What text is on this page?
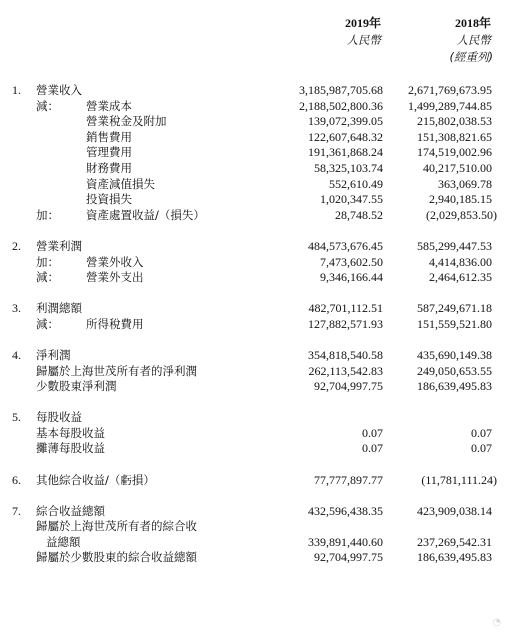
2019年
人民幣
2018年
人民幣
(經重列)
1. 營業收入	3,185,987,705.68 2,671,769,673.95
減： 營業成本	2,188,502,800.36 1,499,289,744.85
營業稅金及附加	139,072,399.05	215,802,038.53
銷售費用	122,607,648.32	151,308,821.65
管理費用	191,361,868.24	174,519,002.96
財務費用	58,325,103.74	40,217,510.00
資產減值損失	552,610.49	363,069.78
投資損失	1,020,347.55	2,940,185.15
加： 資產處置收益/（損失）	28,748.52	(2,029,853.50)
2. 營業利潤	484,573,676.45	585,299,447.53
加： 營業外收入	7,473,602.50	4,414,836.00
減： 營業外支出	9,346,166.44	2,464,612.35
3. 利潤總額	482,701,112.51	587,249,671.18
減： 所得稅費用	127,882,571.93	151,559,521.80
4. 淨利潤	354,818,540.58	435,690,149.38
歸屬於上海世茂所有者的淨利潤	262,113,542.83	249,050,653.55
少數股東淨利潤	92,704,997.75	186,639,495.83
5. 每股收益
基本每股收益	0.07	0.07
攤薄每股收益	0.07	0.07
6. 其他綜合收益/（虧損）	77,777,897.77	(11,781,111.24)
7. 綜合收益總額	432,596,438.35	423,909,038.14
歸屬於上海世茂所有者的綜合收
益總額	339,891,440.60	237,269,542.31
歸屬於少數股東的綜合收益總額	92,704,997.75	186,639,495.83
◔
